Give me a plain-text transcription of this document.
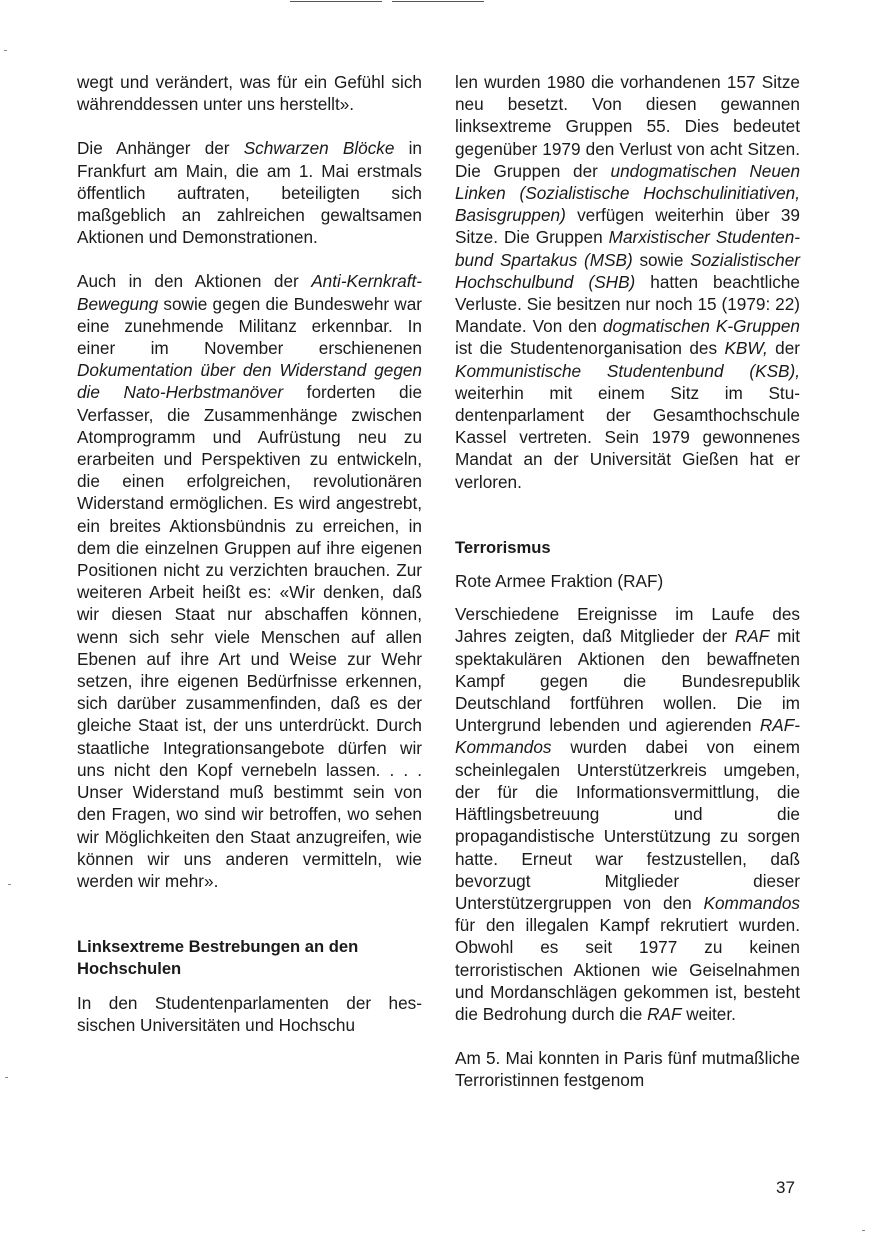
wegt und verändert, was für ein Gefühl sich währenddessen unter uns herstellt».

Die Anhänger der Schwarzen Blöcke in Frankfurt am Main, die am 1. Mai erstmals öffentlich auftraten, beteiligten sich maßgeblich an zahlreichen gewaltsamen Aktionen und Demonstrationen.

Auch in den Aktionen der Anti-Kernkraft-Bewegung sowie gegen die Bundeswehr war eine zunehmende Militanz erkennbar. In einer im November erschienenen Dokumentation über den Widerstand gegen die Nato-Herbstmanöver forderten die Verfasser, die Zusammenhänge zwischen Atomprogramm und Aufrüstung neu zu erarbeiten und Perspektiven zu entwickeln, die einen erfolgreichen, revolutionären Widerstand ermöglichen. Es wird angestrebt, ein breites Aktionsbündnis zu erreichen, in dem die einzelnen Gruppen auf ihre eigenen Positionen nicht zu verzichten brauchen. Zur weiteren Arbeit heißt es: «Wir denken, daß wir diesen Staat nur abschaffen können, wenn sich sehr viele Menschen auf allen Ebenen auf ihre Art und Weise zur Wehr setzen, ihre eigenen Bedürfnisse erkennen, sich darüber zusammenfinden, daß es der gleiche Staat ist, der uns unterdrückt. Durch staatliche Integrationsangebote dürfen wir uns nicht den Kopf vernebeln lassen. . . . Unser Widerstand muß bestimmt sein von den Fragen, wo sind wir betroffen, wo sehen wir Möglichkeiten den Staat anzugreifen, wie können wir uns anderen vermitteln, wie werden wir mehr».

Linksextreme Bestrebungen an den Hochschulen

In den Studentenparlamenten der hessischen Universitäten und Hochschu

len wurden 1980 die vorhandenen 157 Sitze neu besetzt. Von diesen gewannen linksextreme Gruppen 55. Dies bedeutet gegenüber 1979 den Verlust von acht Sitzen. Die Gruppen der undogmatischen Neuen Linken (Sozialistische Hochschulinitiativen, Basisgruppen) verfügen weiterhin über 39 Sitze. Die Gruppen Marxistischer Studentenbund Spartakus (MSB) sowie Sozialistischer Hochschulbund (SHB) hatten beachtliche Verluste. Sie besitzen nur noch 15 (1979: 22) Mandate. Von den dogmatischen K-Gruppen ist die Studentenorganisation des KBW, der Kommunistische Studentenbund (KSB), weiterhin mit einem Sitz im Studentenparlament der Gesamthochschule Kassel vertreten. Sein 1979 gewonnenes Mandat an der Universität Gießen hat er verloren.

Terrorismus

Rote Armee Fraktion (RAF)

Verschiedene Ereignisse im Laufe des Jahres zeigten, daß Mitglieder der RAF mit spektakulären Aktionen den bewaffneten Kampf gegen die Bundesrepublik Deutschland fortführen wollen. Die im Untergrund lebenden und agierenden RAF-Kommandos wurden dabei von einem scheinlegalen Unterstützerkreis umgeben, der für die Informationsvermittlung, die Häftlingsbetreuung und die propagandistische Unterstützung zu sorgen hatte. Erneut war festzustellen, daß bevorzugt Mitglieder dieser Unterstützergruppen von den Kommandos für den illegalen Kampf rekrutiert wurden. Obwohl es seit 1977 zu keinen terroristischen Aktionen wie Geiselnahmen und Mordanschlägen gekommen ist, besteht die Bedrohung durch die RAF weiter.

Am 5. Mai konnten in Paris fünf mutmaßliche Terroristinnen festgenom

37
